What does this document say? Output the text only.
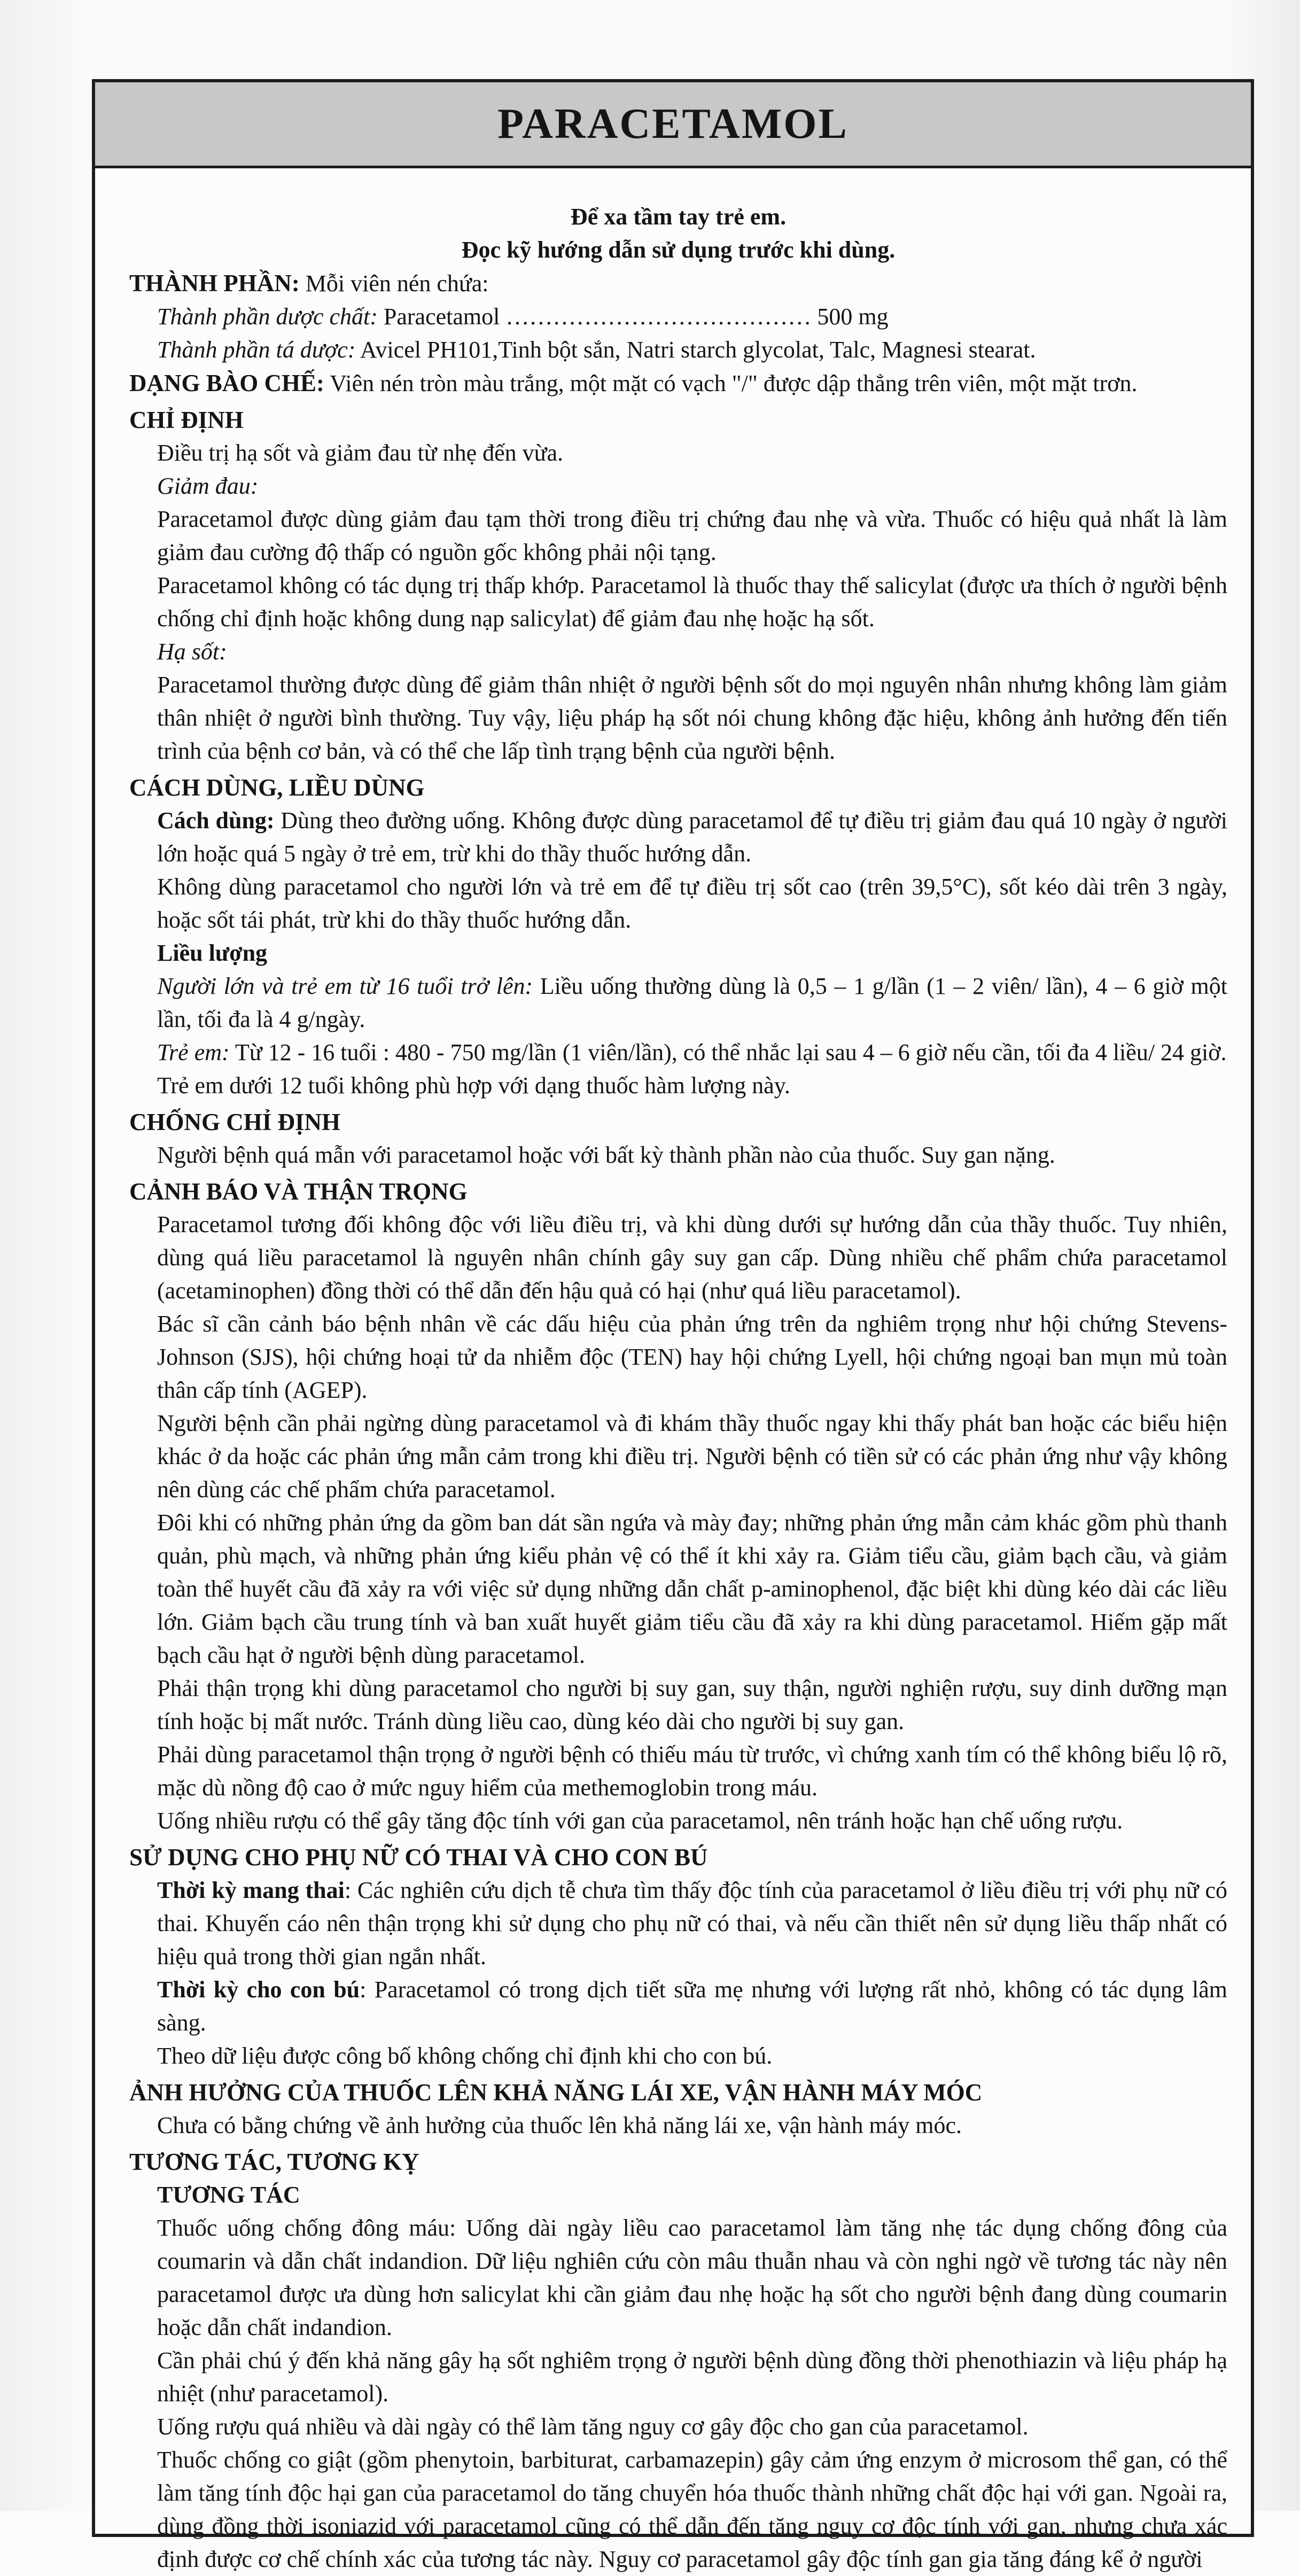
PARACETAMOL
Để xa tầm tay trẻ em.
Đọc kỹ hướng dẫn sử dụng trước khi dùng.
THÀNH PHẦN: Mỗi viên nén chứa:
Thành phần dược chất: Paracetamol ………………………………… 500 mg
Thành phần tá dược: Avicel PH101,Tinh bột sắn, Natri starch glycolat, Talc, Magnesi stearat.
DẠNG BÀO CHẾ: Viên nén tròn màu trắng, một mặt có vạch "/" được dập thẳng trên viên, một mặt trơn.
CHỈ ĐỊNH
Điều trị hạ sốt và giảm đau từ nhẹ đến vừa.
Giảm đau:
Paracetamol được dùng giảm đau tạm thời trong điều trị chứng đau nhẹ và vừa. Thuốc có hiệu quả nhất là làm giảm đau cường độ thấp có nguồn gốc không phải nội tạng.
Paracetamol không có tác dụng trị thấp khớp. Paracetamol là thuốc thay thế salicylat (được ưa thích ở người bệnh chống chỉ định hoặc không dung nạp salicylat) để giảm đau nhẹ hoặc hạ sốt.
Hạ sốt:
Paracetamol thường được dùng để giảm thân nhiệt ở người bệnh sốt do mọi nguyên nhân nhưng không làm giảm thân nhiệt ở người bình thường. Tuy vậy, liệu pháp hạ sốt nói chung không đặc hiệu, không ảnh hưởng đến tiến trình của bệnh cơ bản, và có thể che lấp tình trạng bệnh của người bệnh.
CÁCH DÙNG, LIỀU DÙNG
Cách dùng: Dùng theo đường uống. Không được dùng paracetamol để tự điều trị giảm đau quá 10 ngày ở người lớn hoặc quá 5 ngày ở trẻ em, trừ khi do thầy thuốc hướng dẫn.
Không dùng paracetamol cho người lớn và trẻ em để tự điều trị sốt cao (trên 39,5°C), sốt kéo dài trên 3 ngày, hoặc sốt tái phát, trừ khi do thầy thuốc hướng dẫn.
Liều lượng
Người lớn và trẻ em từ 16 tuổi trở lên: Liều uống thường dùng là 0,5 – 1 g/lần (1 – 2 viên/ lần), 4 – 6 giờ một lần, tối đa là 4 g/ngày.
Trẻ em: Từ 12 - 16 tuổi : 480 - 750 mg/lần (1 viên/lần), có thể nhắc lại sau 4 – 6 giờ nếu cần, tối đa 4 liều/ 24 giờ.
Trẻ em dưới 12 tuổi không phù hợp với dạng thuốc hàm lượng này.
CHỐNG CHỈ ĐỊNH
Người bệnh quá mẫn với paracetamol hoặc với bất kỳ thành phần nào của thuốc. Suy gan nặng.
CẢNH BÁO VÀ THẬN TRỌNG
Paracetamol tương đối không độc với liều điều trị, và khi dùng dưới sự hướng dẫn của thầy thuốc. Tuy nhiên, dùng quá liều paracetamol là nguyên nhân chính gây suy gan cấp. Dùng nhiều chế phẩm chứa paracetamol (acetaminophen) đồng thời có thể dẫn đến hậu quả có hại (như quá liều paracetamol).
Bác sĩ cần cảnh báo bệnh nhân về các dấu hiệu của phản ứng trên da nghiêm trọng như hội chứng Stevens-Johnson (SJS), hội chứng hoại tử da nhiễm độc (TEN) hay hội chứng Lyell, hội chứng ngoại ban mụn mủ toàn thân cấp tính (AGEP).
Người bệnh cần phải ngừng dùng paracetamol và đi khám thầy thuốc ngay khi thấy phát ban hoặc các biểu hiện khác ở da hoặc các phản ứng mẫn cảm trong khi điều trị. Người bệnh có tiền sử có các phản ứng như vậy không nên dùng các chế phẩm chứa paracetamol.
Đôi khi có những phản ứng da gồm ban dát sần ngứa và mày đay; những phản ứng mẫn cảm khác gồm phù thanh quản, phù mạch, và những phản ứng kiểu phản vệ có thể ít khi xảy ra. Giảm tiểu cầu, giảm bạch cầu, và giảm toàn thể huyết cầu đã xảy ra với việc sử dụng những dẫn chất p-aminophenol, đặc biệt khi dùng kéo dài các liều lớn. Giảm bạch cầu trung tính và ban xuất huyết giảm tiểu cầu đã xảy ra khi dùng paracetamol. Hiếm gặp mất bạch cầu hạt ở người bệnh dùng paracetamol.
Phải thận trọng khi dùng paracetamol cho người bị suy gan, suy thận, người nghiện rượu, suy dinh dưỡng mạn tính hoặc bị mất nước. Tránh dùng liều cao, dùng kéo dài cho người bị suy gan.
Phải dùng paracetamol thận trọng ở người bệnh có thiếu máu từ trước, vì chứng xanh tím có thể không biểu lộ rõ, mặc dù nồng độ cao ở mức nguy hiểm của methemoglobin trong máu.
Uống nhiều rượu có thể gây tăng độc tính với gan của paracetamol, nên tránh hoặc hạn chế uống rượu.
SỬ DỤNG CHO PHỤ NỮ CÓ THAI VÀ CHO CON BÚ
Thời kỳ mang thai: Các nghiên cứu dịch tễ chưa tìm thấy độc tính của paracetamol ở liều điều trị với phụ nữ có thai. Khuyến cáo nên thận trọng khi sử dụng cho phụ nữ có thai, và nếu cần thiết nên sử dụng liều thấp nhất có hiệu quả trong thời gian ngắn nhất.
Thời kỳ cho con bú: Paracetamol có trong dịch tiết sữa mẹ nhưng với lượng rất nhỏ, không có tác dụng lâm sàng.
Theo dữ liệu được công bố không chống chỉ định khi cho con bú.
ẢNH HƯỞNG CỦA THUỐC LÊN KHẢ NĂNG LÁI XE, VẬN HÀNH MÁY MÓC
Chưa có bằng chứng về ảnh hưởng của thuốc lên khả năng lái xe, vận hành máy móc.
TƯƠNG TÁC, TƯƠNG KỴ
TƯƠNG TÁC
Thuốc uống chống đông máu: Uống dài ngày liều cao paracetamol làm tăng nhẹ tác dụng chống đông của coumarin và dẫn chất indandion. Dữ liệu nghiên cứu còn mâu thuẫn nhau và còn nghi ngờ về tương tác này nên paracetamol được ưa dùng hơn salicylat khi cần giảm đau nhẹ hoặc hạ sốt cho người bệnh đang dùng coumarin hoặc dẫn chất indandion.
Cần phải chú ý đến khả năng gây hạ sốt nghiêm trọng ở người bệnh dùng đồng thời phenothiazin và liệu pháp hạ nhiệt (như paracetamol).
Uống rượu quá nhiều và dài ngày có thể làm tăng nguy cơ gây độc cho gan của paracetamol.
Thuốc chống co giật (gồm phenytoin, barbiturat, carbamazepin) gây cảm ứng enzym ở microsom thể gan, có thể làm tăng tính độc hại gan của paracetamol do tăng chuyển hóa thuốc thành những chất độc hại với gan. Ngoài ra, dùng đồng thời isoniazid với paracetamol cũng có thể dẫn đến tăng nguy cơ độc tính với gan, nhưng chưa xác định được cơ chế chính xác của tương tác này. Nguy cơ paracetamol gây độc tính gan gia tăng đáng kể ở người
